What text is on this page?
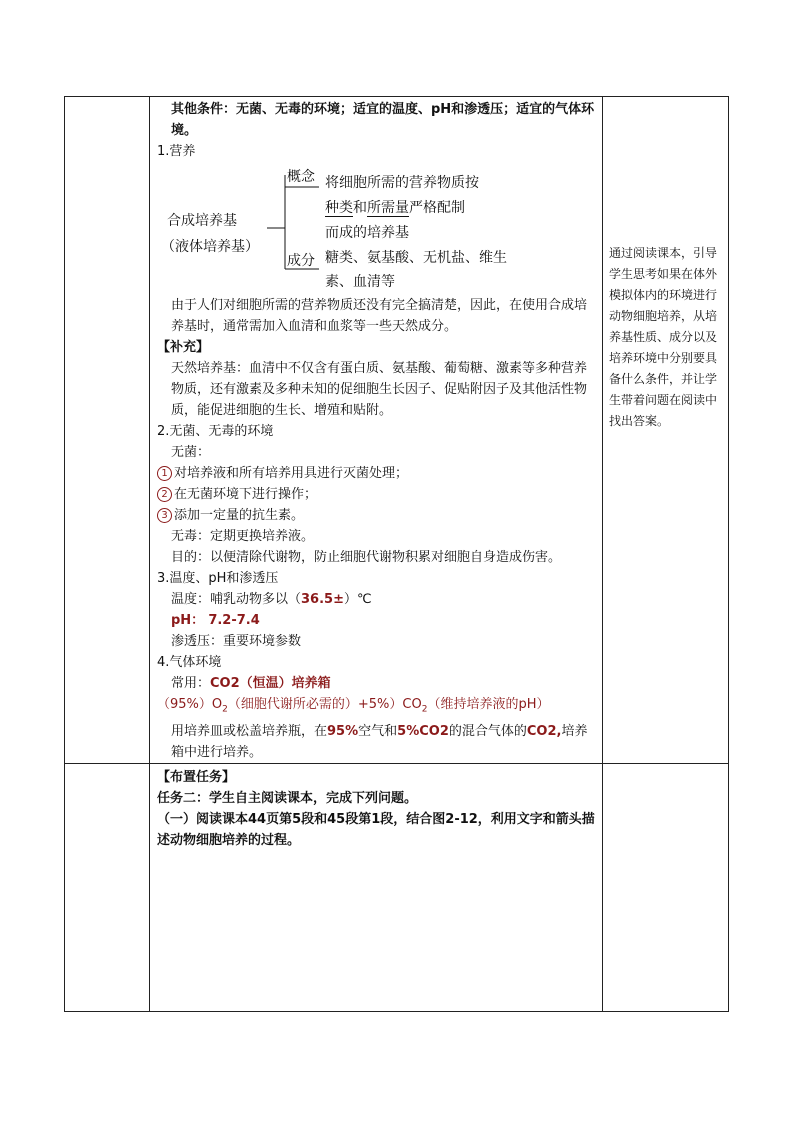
其他条件：无菌、无毒的环境；适宜的温度、pH和渗透压；适宜的气体环境。
1.营养
合成培养基
（液体培养基）
概念 将细胞所需的营养物质按
种类和所需量严格配制
而成的培养基
成分 糖类、氨基酸、无机盐、维生
素、血清等
由于人们对细胞所需的营养物质还没有完全搞清楚，因此，在使用合成培养基时，通常需加入血清和血浆等一些天然成分。
【补充】
天然培养基：血清中不仅含有蛋白质、氨基酸、葡萄糖、激素等多种营养物质，还有激素及多种未知的促细胞生长因子、促贴附因子及其他活性物质，能促进细胞的生长、增殖和贴附。
2.无菌、无毒的环境
无菌：
1 对培养液和所有培养用具进行灭菌处理；
2 在无菌环境下进行操作；
3 添加一定量的抗生素。
无毒：定期更换培养液。
目的：以便清除代谢物，防止细胞代谢物积累对细胞自身造成伤害。
3.温度、pH和渗透压
温度：哺乳动物多以（36.5±）℃
pH： 7.2-7.4
渗透压：重要环境参数
4.气体环境
常用：CO2（恒温）培养箱
$(95\%)O_2$（细胞代谢所必需的）$+5\%)CO_2$（维持培养液的pH）
用培养皿或松盖培养瓶，在95%空气和5%CO2的混合气体的CO2,培养箱中进行培养。
通过阅读课本，引导学生思考如果在体外模拟体内的环境进行动物细胞培养，从培养基性质、成分以及培养环境中分别要具备什么条件，并让学生带着问题在阅读中找出答案。
【布置任务】
任务二：学生自主阅读课本，完成下列问题。
（一）阅读课本44页第5段和45段第1段，结合图2-12，利用文字和箭头描述动物细胞培养的过程。
